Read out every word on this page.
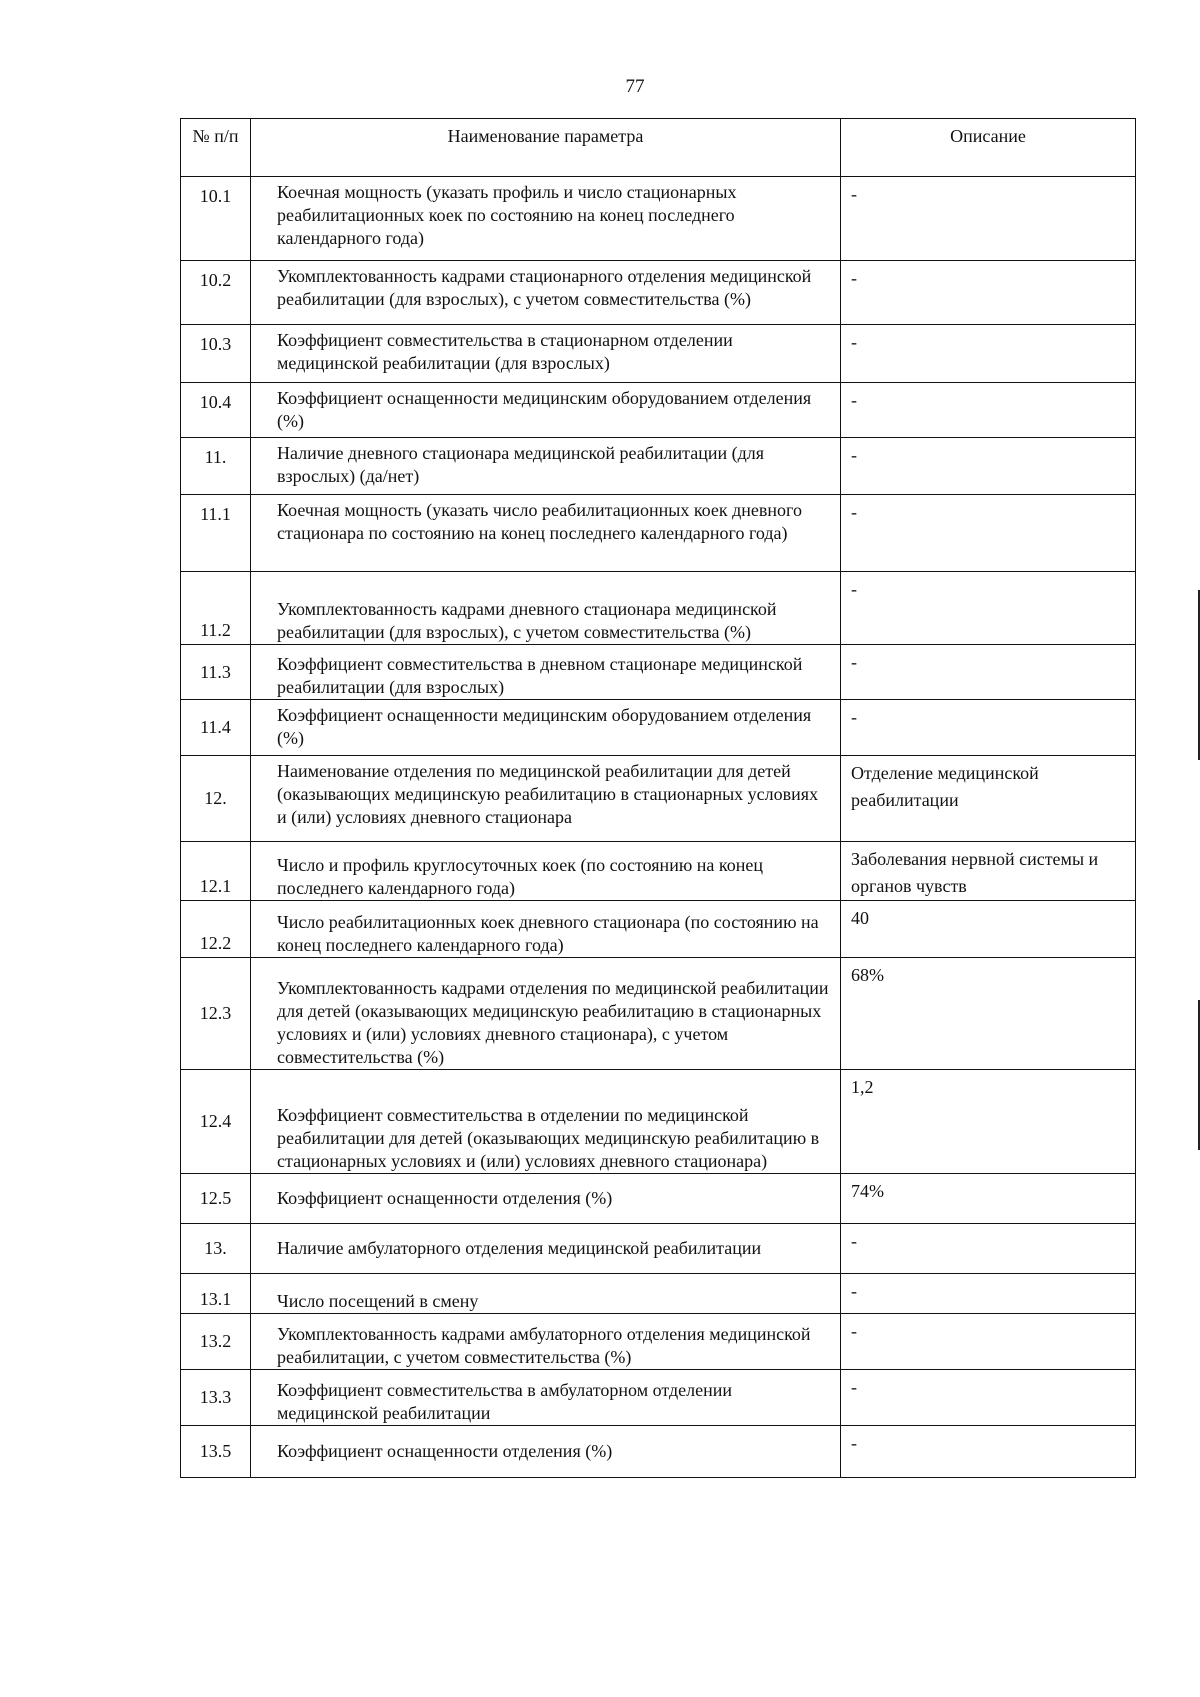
77
№ п/п	Наименование параметра	Описание
10.1	Коечная мощность (указать профиль и число стационарных реабилитационных коек по состоянию на конец последнего календарного года)	-
10.2	Укомплектованность кадрами стационарного отделения медицинской реабилитации (для взрослых), с учетом совместительства (%)	-
10.3	Коэффициент совместительства в стационарном отделении медицинской реабилитации (для взрослых)	-
10.4	Коэффициент оснащенности медицинским оборудованием отделения (%)	-
11.	Наличие дневного стационара медицинской реабилитации (для взрослых) (да/нет)	-
11.1	Коечная мощность (указать число реабилитационных коек дневного стационара по состоянию на конец последнего календарного года)	-
11.2	Укомплектованность кадрами дневного стационара медицинской реабилитации (для взрослых), с учетом совместительства (%)	-
11.3	Коэффициент совместительства в дневном стационаре медицинской реабилитации (для взрослых)	-
11.4	Коэффициент оснащенности медицинским оборудованием отделения (%)	-
12.	Наименование отделения по медицинской реабилитации для детей (оказывающих медицинскую реабилитацию в стационарных условиях и (или) условиях дневного стационара	Отделение медицинской реабилитации
12.1	Число и профиль круглосуточных коек (по состоянию на конец последнего календарного года)	Заболевания нервной системы и органов чувств
12.2	Число реабилитационных коек дневного стационара (по состоянию на конец последнего календарного года)	40
12.3	Укомплектованность кадрами отделения по медицинской реабилитации для детей (оказывающих медицинскую реабилитацию в стационарных условиях и (или) условиях дневного стационара), с учетом совместительства (%)	68%
12.4	Коэффициент совместительства в отделении по медицинской реабилитации для детей (оказывающих медицинскую реабилитацию в стационарных условиях и (или) условиях дневного стационара)	1,2
12.5	Коэффициент оснащенности отделения (%)	74%
13.	Наличие амбулаторного отделения медицинской реабилитации	-
13.1	Число посещений в смену	-
13.2	Укомплектованность кадрами амбулаторного отделения медицинской реабилитации, с учетом совместительства (%)	-
13.3	Коэффициент совместительства в амбулаторном отделении медицинской реабилитации	-
13.5	Коэффициент оснащенности отделения (%)	-
